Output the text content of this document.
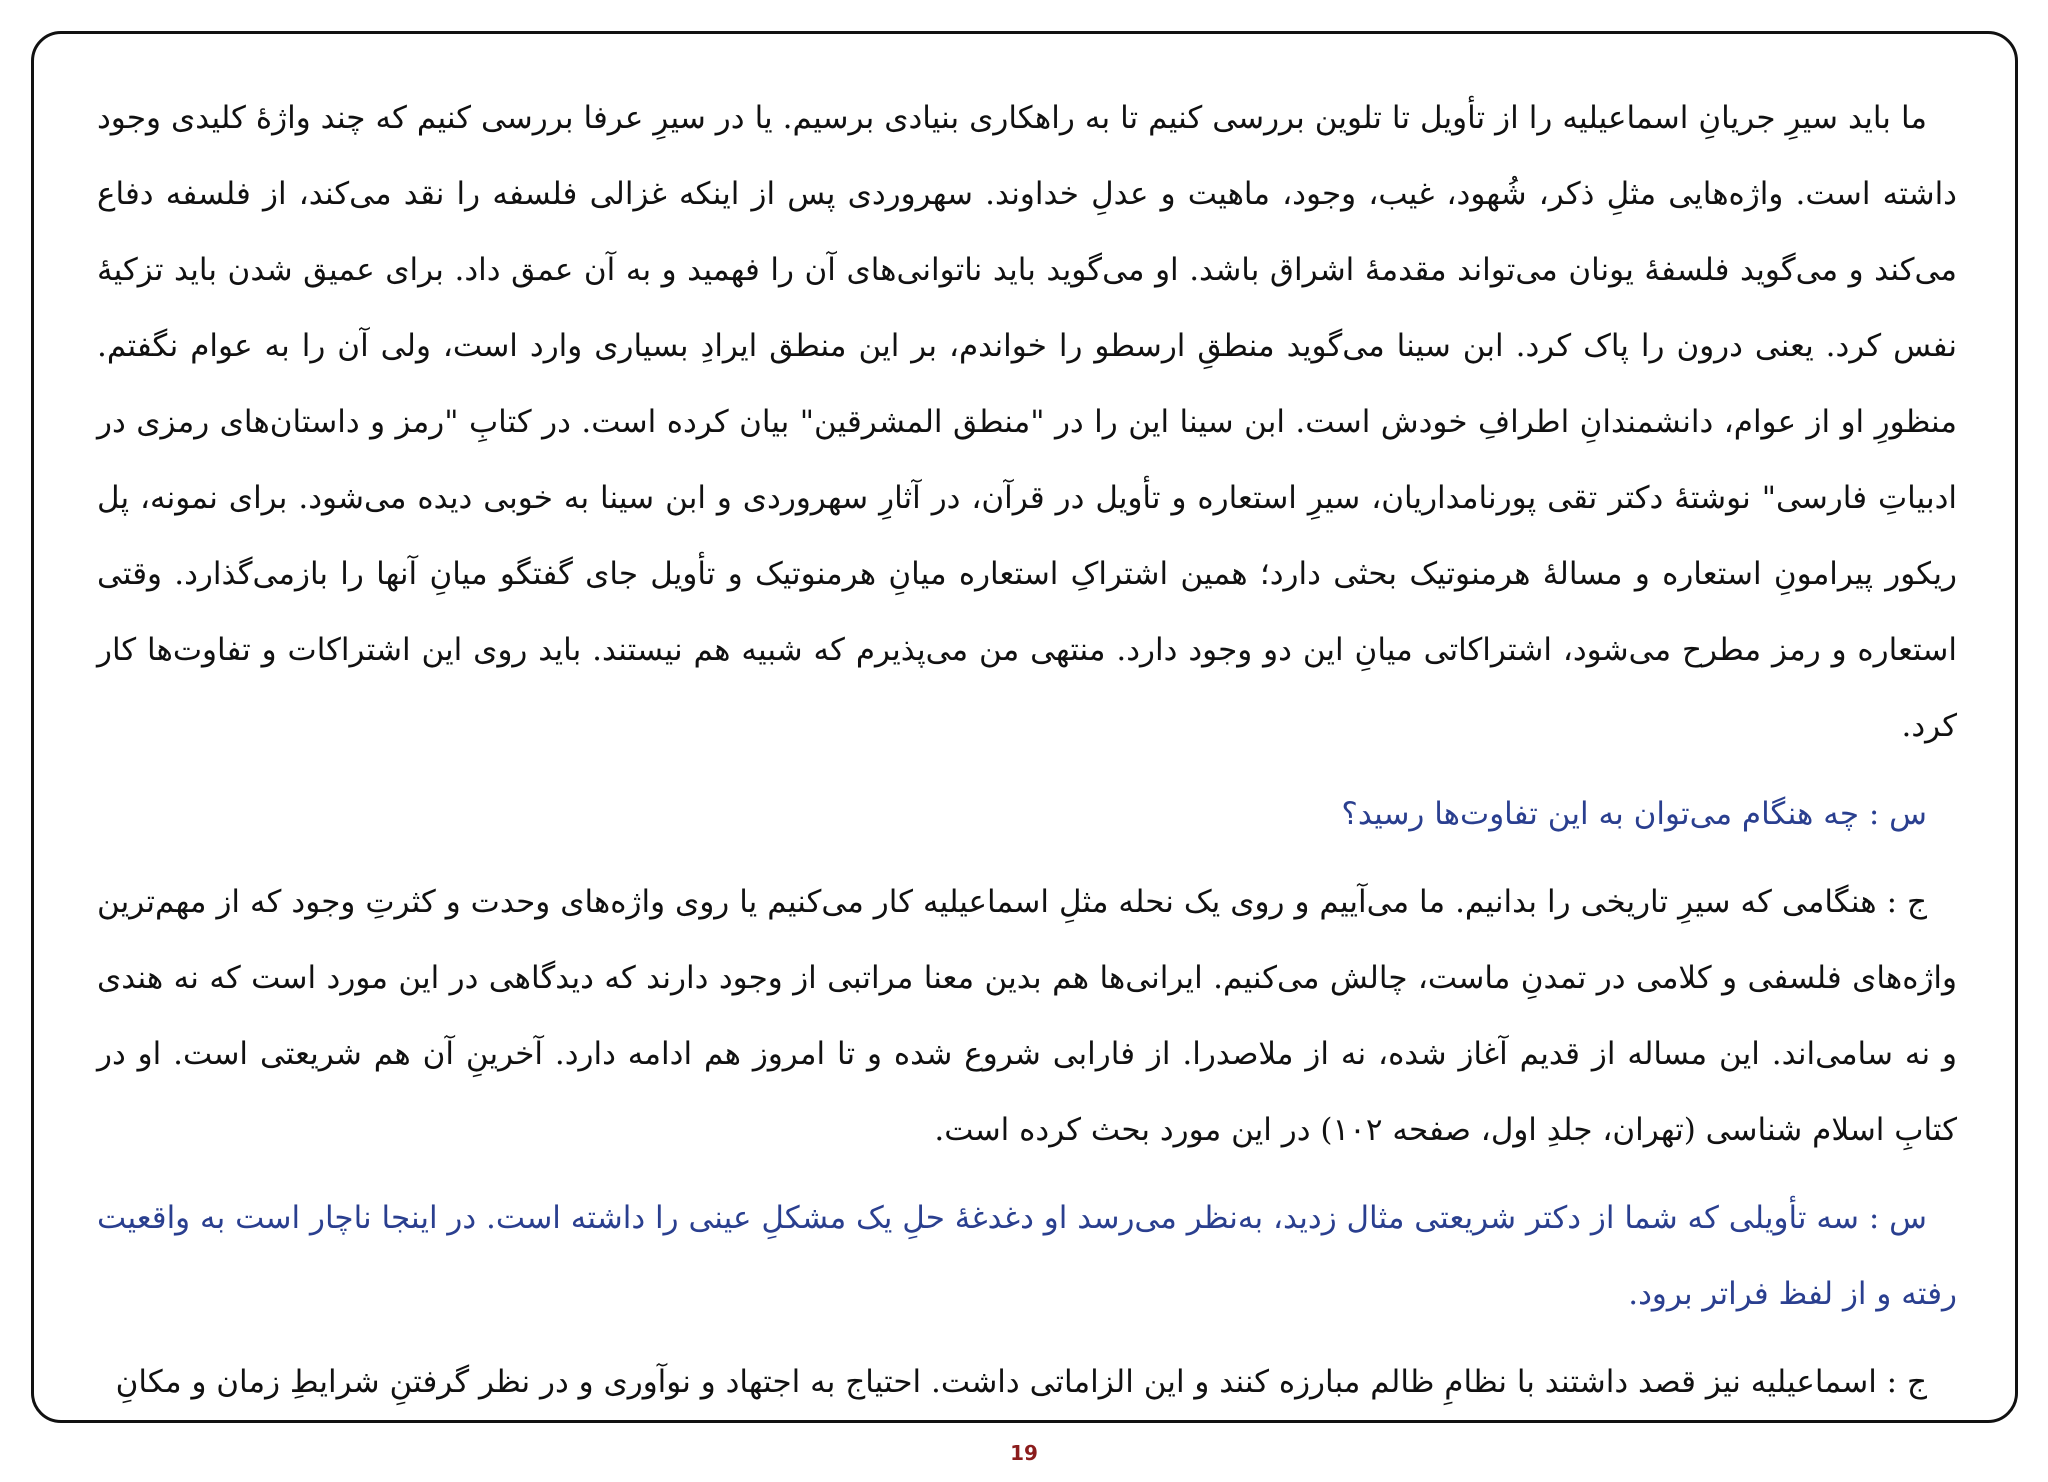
ما باید سیرِ جریانِ اسماعیلیه را از تأویل تا تلوین بررسی کنیم تا به راهکاری بنیادی برسیم. یا در سیرِ عرفا بررسی کنیم که چند واژهٔ کلیدی وجود داشته است. واژه‌هایی مثلِ ذکر، شُهود، غیب، وجود، ماهیت و عدلِ خداوند. سهروردی پس از اینکه غزالی فلسفه را نقد می‌کند، از فلسفه دفاع می‌کند و می‌گوید فلسفهٔ یونان می‌تواند مقدمهٔ اشراق باشد. او می‌گوید باید ناتوانی‌های آن را فهمید و به آن عمق داد. برای عمیق شدن باید تزکیهٔ نفس کرد. یعنی درون را پاک کرد. ابن سینا می‌گوید منطقِ ارسطو را خواندم، بر این منطق ایرادِ بسیاری وارد است، ولی آن را به عوام نگفتم. منظورِ او از عوام، دانشمندانِ اطرافِ خودش است. ابن سینا این را در "منطق المشرقین" بیان کرده است. در کتابِ "رمز و داستان‌های رمزی در ادبیاتِ فارسی" نوشتهٔ دکتر تقی پورنامداریان، سیرِ استعاره و تأویل در قرآن، در آثارِ سهروردی و ابن سینا به خوبی دیده می‌شود. برای نمونه، پل ریکور پیرامونِ استعاره و مسالهٔ هرمنوتیک بحثی دارد؛ همین اشتراکِ استعاره میانِ هرمنوتیک و تأویل جای گفتگو میانِ آنها را بازمی‌گذارد. وقتی استعاره و رمز مطرح می‌شود، اشتراکاتی میانِ این دو وجود دارد. منتهی من می‌پذیرم که شبیه هم نیستند. باید روی این اشتراکات و تفاوت‌ها کار کرد.

س : چه هنگام می‌توان به این تفاوت‌ها رسید؟

ج : هنگامی که سیرِ تاریخی را بدانیم. ما می‌آییم و روی یک نحله مثلِ اسماعیلیه کار می‌کنیم یا روی واژه‌های وحدت و کثرتِ وجود که از مهم‌ترین واژه‌های فلسفی و کلامی در تمدنِ ماست، چالش می‌کنیم. ایرانی‌ها هم بدین معنا مراتبی از وجود دارند که دیدگاهی در این مورد است که نه هندی و نه سامی‌اند. این مساله از قدیم آغاز شده، نه از ملاصدرا. از فارابی شروع شده و تا امروز هم ادامه دارد. آخرینِ آن هم شریعتی است. او در کتابِ اسلام شناسی (تهران، جلدِ اول، صفحه ۱۰۲) در این مورد بحث کرده است.

س : سه تأویلی که شما از دکتر شریعتی مثال زدید، به‌نظر می‌رسد او دغدغهٔ حلِ یک مشکلِ عینی را داشته است. در اینجا ناچار است به واقعیت رفته و از لفظ فراتر برود.

ج : اسماعیلیه نیز قصد داشتند با نظامِ ظالم مبارزه کنند و این الزاماتی داشت. احتیاج به اجتهاد و نوآوری و در نظر گرفتنِ شرایطِ زمان و مکانِ

19
